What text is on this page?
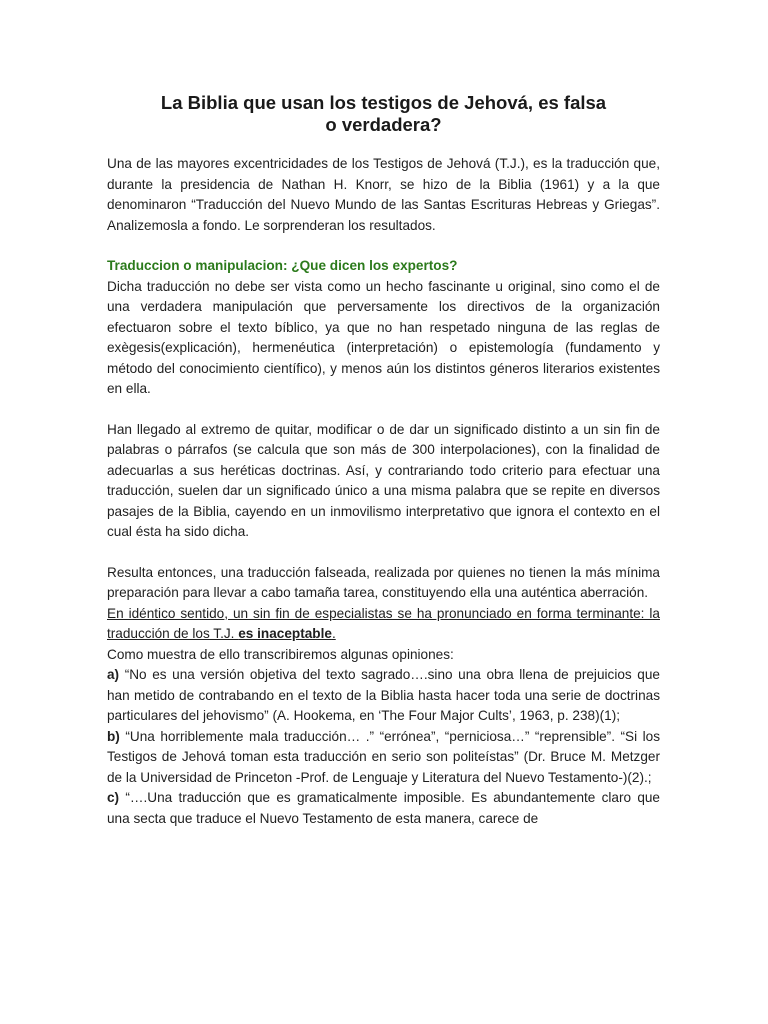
La Biblia que usan los testigos de Jehová, es falsa
o verdadera?

Una de las mayores excentricidades de los Testigos de Jehová (T.J.), es la traducción que, durante la presidencia de Nathan H. Knorr, se hizo de la Biblia (1961) y a la que denominaron “Traducción del Nuevo Mundo de las Santas Escrituras Hebreas y Griegas”. Analizemosla a fondo. Le sorprenderan los resultados.

Traduccion o manipulacion: ¿Que dicen los expertos?

Dicha traducción no debe ser vista como un hecho fascinante u original, sino como el de una verdadera manipulación que perversamente los directivos de la organización efectuaron sobre el texto bíblico, ya que no han respetado ninguna de las reglas de exègesis(explicación), hermenéutica (interpretación) o epistemología (fundamento y método del conocimiento científico), y menos aún los distintos géneros literarios existentes en ella.

Han llegado al extremo de quitar, modificar o de dar un significado distinto a un sin fin de palabras o párrafos (se calcula que son más de 300 interpolaciones), con la finalidad de adecuarlas a sus heréticas doctrinas. Así, y contrariando todo criterio para efectuar una traducción, suelen dar un significado único a una misma palabra que se repite en diversos pasajes de la Biblia, cayendo en un inmovilismo interpretativo que ignora el contexto en el cual ésta ha sido dicha.

Resulta entonces, una traducción falseada, realizada por quienes no tienen la más mínima preparación para llevar a cabo tamaña tarea, constituyendo ella una auténtica aberración.

En idéntico sentido, un sin fin de especialistas se ha pronunciado en forma terminante: la traducción de los T.J. es inaceptable.

Como muestra de ello transcribiremos algunas opiniones:

a) “No es una versión objetiva del texto sagrado….sino una obra llena de prejuicios que han metido de contrabando en el texto de la Biblia hasta hacer toda una serie de doctrinas particulares del jehovismo” (A. Hookema, en ‘The Four Major Cults’, 1963, p. 238)(1);

b) “Una horriblemente mala traducción… .” “errónea”, “perniciosa…” “reprensible”. “Si los Testigos de Jehová toman esta traducción en serio son politeístas” (Dr. Bruce M. Metzger de la Universidad de Princeton -Prof. de Lenguaje y Literatura del Nuevo Testamento-)(2).;

c) “….Una traducción que es gramaticalmente imposible. Es abundantemente claro que una secta que traduce el Nuevo Testamento de esta manera, carece de
